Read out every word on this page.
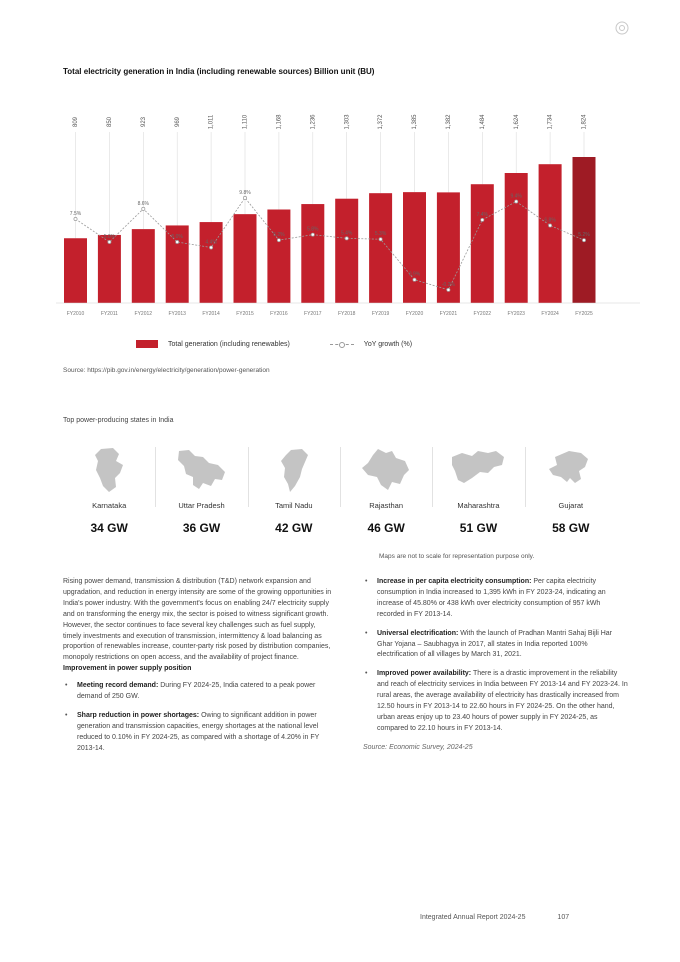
Total electricity generation in India (including renewable sources) Billion unit (BU)
809
FY2010
850
FY2011
923
FY2012
969
FY2013
1,011
FY2014
1,110
FY2015
1,168
FY2016
1,236
FY2017
1,303
FY2018
1,372
FY2019
1,385
FY2020
1,382
FY2021
1,484
FY2022
1,624
FY2023
1,734
FY2024
1,824
FY2025
7.5%
5.0%
8.6%
5.0%
4.4%
9.8%
5.2%
5.8%
5.4%	5.3%
0.9%
-0.2%
7.4%
9.4%
6.8%
5.2%
Total generation (including renewables)	YoY growth (%)
Source: https://pib.gov.in/energy/electricity/generation/power-generation
Top power-producing states in India
Karnataka
34 GW
Uttar Pradesh
36 GW
Tamil Nadu
42 GW
Rajasthan
46 GW
Maharashtra
51 GW
Gujarat
58 GW
Maps are not to scale for representation purpose only.

Rising power demand, transmission & distribution (T&D) network expansion and upgradation, and reduction in energy intensity are some of the growing opportunities in India's power industry. With the government's focus on enabling 24/7 electricity supply and on transforming the energy mix, the sector is poised to witness significant growth. However, the sector continues to face several key challenges such as fuel supply, timely investments and execution of transmission, intermittency & load balancing as proportion of renewables increase, counter-party risk posed by distribution companies, monopoly restrictions on open access, and the availability of project finance.

Improvement in power supply position

• Meeting record demand: During FY 2024-25, India catered to a peak power demand of 250 GW.
• Sharp reduction in power shortages: Owing to significant addition in power generation and transmission capacities, energy shortages at the national level reduced to 0.10% in FY 2024-25, as compared with a shortage of 4.20% in FY 2013-14.
• Increase in per capita electricity consumption: Per capita electricity consumption in India increased to 1,395 kWh in FY 2023-24, indicating an increase of 45.80% or 438 kWh over electricity consumption of 957 kWh recorded in FY 2013-14.
• Universal electrification: With the launch of Pradhan Mantri Sahaj Bijli Har Ghar Yojana – Saubhagya in 2017, all states in India reported 100% electrification of all villages by March 31, 2021.
• Improved power availability: There is a drastic improvement in the reliability and reach of electricity services in India between FY 2013-14 and FY 2023-24. In rural areas, the average availability of electricity has drastically increased from 12.50 hours in FY 2013-14 to 22.60 hours in FY 2024-25. On the other hand, urban areas enjoy up to 23.40 hours of power supply in FY 2024-25, as compared to 22.10 hours in FY 2013-14.

Source: Economic Survey, 2024-25

Integrated Annual Report 2024-25	107
